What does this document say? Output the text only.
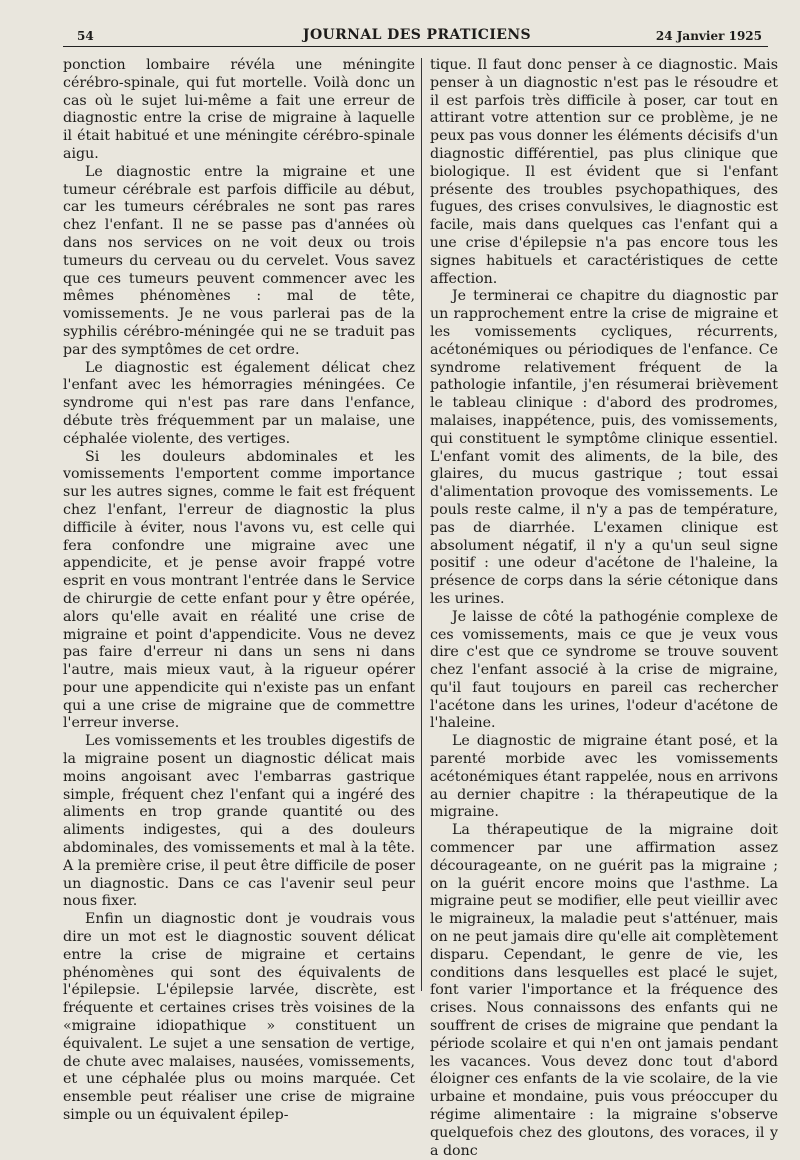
54	JOURNAL DES PRATICIENS	24 Janvier 1925

ponction lombaire révéla une méningite cérébro-spinale, qui fut mortelle. Voilà donc un cas où le sujet lui-même a fait une erreur de diagnostic entre la crise de migraine à laquelle il était habitué et une méningite cérébro-spinale aigu.

Le diagnostic entre la migraine et une tumeur cérébrale est parfois difficile au début, car les tumeurs cérébrales ne sont pas rares chez l'enfant. Il ne se passe pas d'années où dans nos services on ne voit deux ou trois tumeurs du cerveau ou du cervelet. Vous savez que ces tumeurs peuvent commencer avec les mêmes phénomènes : mal de tête, vomissements. Je ne vous parlerai pas de la syphilis cérébro-méningée qui ne se traduit pas par des symptômes de cet ordre.

Le diagnostic est également délicat chez l'enfant avec les hémorragies méningées. Ce syndrome qui n'est pas rare dans l'enfance, débute très fréquemment par un malaise, une céphalée violente, des vertiges.

Si les douleurs abdominales et les vomissements l'emportent comme importance sur les autres signes, comme le fait est fréquent chez l'enfant, l'erreur de diagnostic la plus difficile à éviter, nous l'avons vu, est celle qui fera confondre une migraine avec une appendicite, et je pense avoir frappé votre esprit en vous montrant l'entrée dans le Service de chirurgie de cette enfant pour y être opérée, alors qu'elle avait en réalité une crise de migraine et point d'appendicite. Vous ne devez pas faire d'erreur ni dans un sens ni dans l'autre, mais mieux vaut, à la rigueur opérer pour une appendicite qui n'existe pas un enfant qui a une crise de migraine que de commettre l'erreur inverse.

Les vomissements et les troubles digestifs de la migraine posent un diagnostic délicat mais moins angoisant avec l'embarras gastrique simple, fréquent chez l'enfant qui a ingéré des aliments en trop grande quantité ou des aliments indigestes, qui a des douleurs abdominales, des vomissements et mal à la tête. A la première crise, il peut être difficile de poser un diagnostic. Dans ce cas l'avenir seul peur nous fixer.

Enfin un diagnostic dont je voudrais vous dire un mot est le diagnostic souvent délicat entre la crise de migraine et certains phénomènes qui sont des équivalents de l'épilepsie. L'épilepsie larvée, discrète, est fréquente et certaines crises très voisines de la «migraine idiopathique » constituent un équivalent. Le sujet a une sensation de vertige, de chute avec malaises, nausées, vomissements, et une céphalée plus ou moins marquée. Cet ensemble peut réaliser une crise de migraine simple ou un équivalent épilep-

tique. Il faut donc penser à ce diagnostic. Mais penser à un diagnostic n'est pas le résoudre et il est parfois très difficile à poser, car tout en attirant votre attention sur ce problème, je ne peux pas vous donner les éléments décisifs d'un diagnostic différentiel, pas plus clinique que biologique. Il est évident que si l'enfant présente des troubles psychopathiques, des fugues, des crises convulsives, le diagnostic est facile, mais dans quelques cas l'enfant qui a une crise d'épilepsie n'a pas encore tous les signes habituels et caractéristiques de cette affection.

Je terminerai ce chapitre du diagnostic par un rapprochement entre la crise de migraine et les vomissements cycliques, récurrents, acétonémiques ou périodiques de l'enfance. Ce syndrome relativement fréquent de la pathologie infantile, j'en résumerai brièvement le tableau clinique : d'abord des prodromes, malaises, inappétence, puis, des vomissements, qui constituent le symptôme clinique essentiel. L'enfant vomit des aliments, de la bile, des glaires, du mucus gastrique ; tout essai d'alimentation provoque des vomissements. Le pouls reste calme, il n'y a pas de température, pas de diarrhée. L'examen clinique est absolument négatif, il n'y a qu'un seul signe positif : une odeur d'acétone de l'haleine, la présence de corps dans la série cétonique dans les urines.

Je laisse de côté la pathogénie complexe de ces vomissements, mais ce que je veux vous dire c'est que ce syndrome se trouve souvent chez l'enfant associé à la crise de migraine, qu'il faut toujours en pareil cas rechercher l'acétone dans les urines, l'odeur d'acétone de l'haleine.

Le diagnostic de migraine étant posé, et la parenté morbide avec les vomissements acétonémiques étant rappelée, nous en arrivons au dernier chapitre : la thérapeutique de la migraine.

La thérapeutique de la migraine doit commencer par une affirmation assez décourageante, on ne guérit pas la migraine ; on la guérit encore moins que l'asthme. La migraine peut se modifier, elle peut vieillir avec le migraineux, la maladie peut s'atténuer, mais on ne peut jamais dire qu'elle ait complètement disparu. Cependant, le genre de vie, les conditions dans lesquelles est placé le sujet, font varier l'importance et la fréquence des crises. Nous connaissons des enfants qui ne souffrent de crises de migraine que pendant la période scolaire et qui n'en ont jamais pendant les vacances. Vous devez donc tout d'abord éloigner ces enfants de la vie scolaire, de la vie urbaine et mondaine, puis vous préoccuper du régime alimentaire : la migraine s'observe quelquefois chez des gloutons, des voraces, il y a donc
